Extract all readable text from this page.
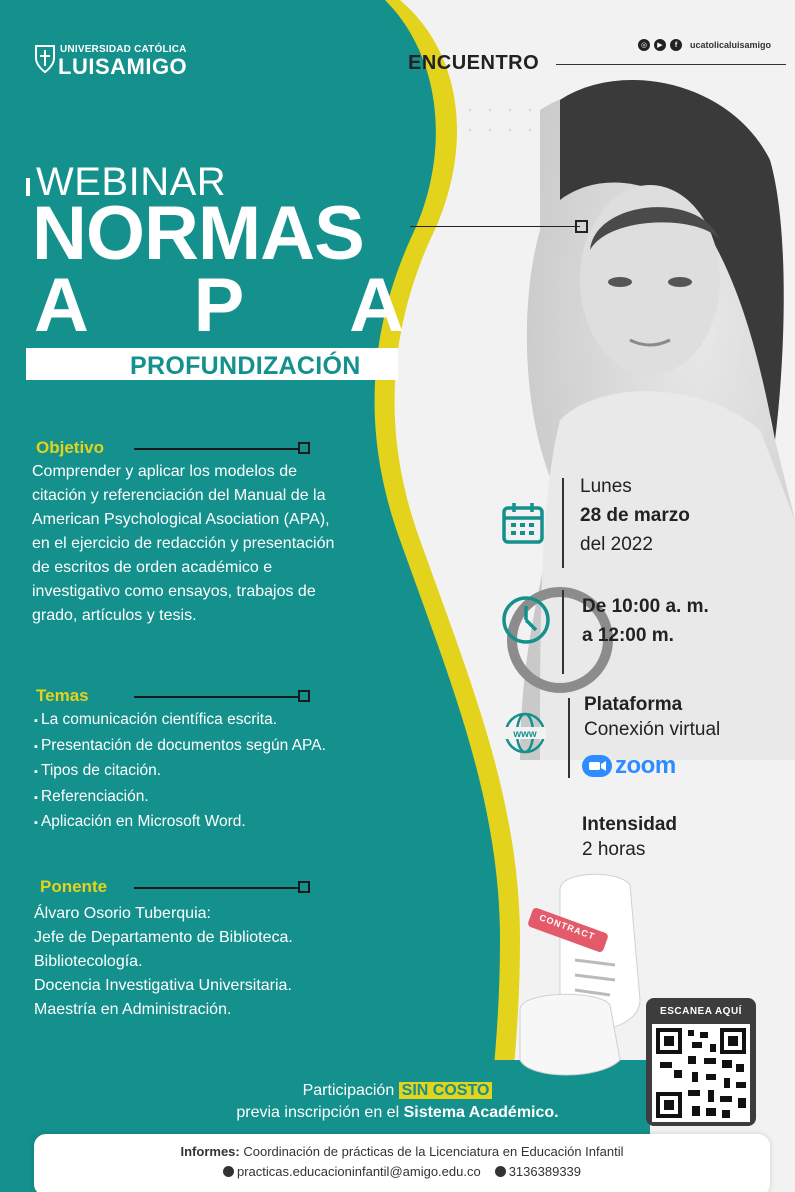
UNIVERSIDAD CATÓLICA
LUISAMIGO
◎	▶	f	ucatolicaluisamigo
ENCUENTRO
WEBINAR
NORMAS
A P A
PROFUNDIZACIÓN
Objetivo
Comprender y aplicar los modelos de
citación y referenciación del Manual de la
American Psychological Asociation (APA),
en el ejercicio de redacción y presentación
de escritos de orden académico e
investigativo como ensayos, trabajos de
grado, artículos y tesis.
Temas
▪ La comunicación científica escrita.
▪ Presentación de documentos según APA.
▪ Tipos de citación.
▪ Referenciación.
▪ Aplicación en Microsoft Word.
Ponente
Álvaro Osorio Tuberquia:
Jefe de Departamento de Biblioteca.
Bibliotecología.
Docencia Investigativa Universitaria.
Maestría en Administración.
Lunes
28 de marzo
del 2022
De 10:00 a. m.
a 12:00 m.
www
Plataforma
Conexión virtual
zoom
Intensidad
2 horas
CONTRACT
ESCANEA AQUÍ
Participación SIN COSTO
previa inscripción en el Sistema Académico.
Informes: Coordinación de prácticas de la Licenciatura en Educación Infantil
practicas.educacioninfantil@amigo.edu.co	3136389339
